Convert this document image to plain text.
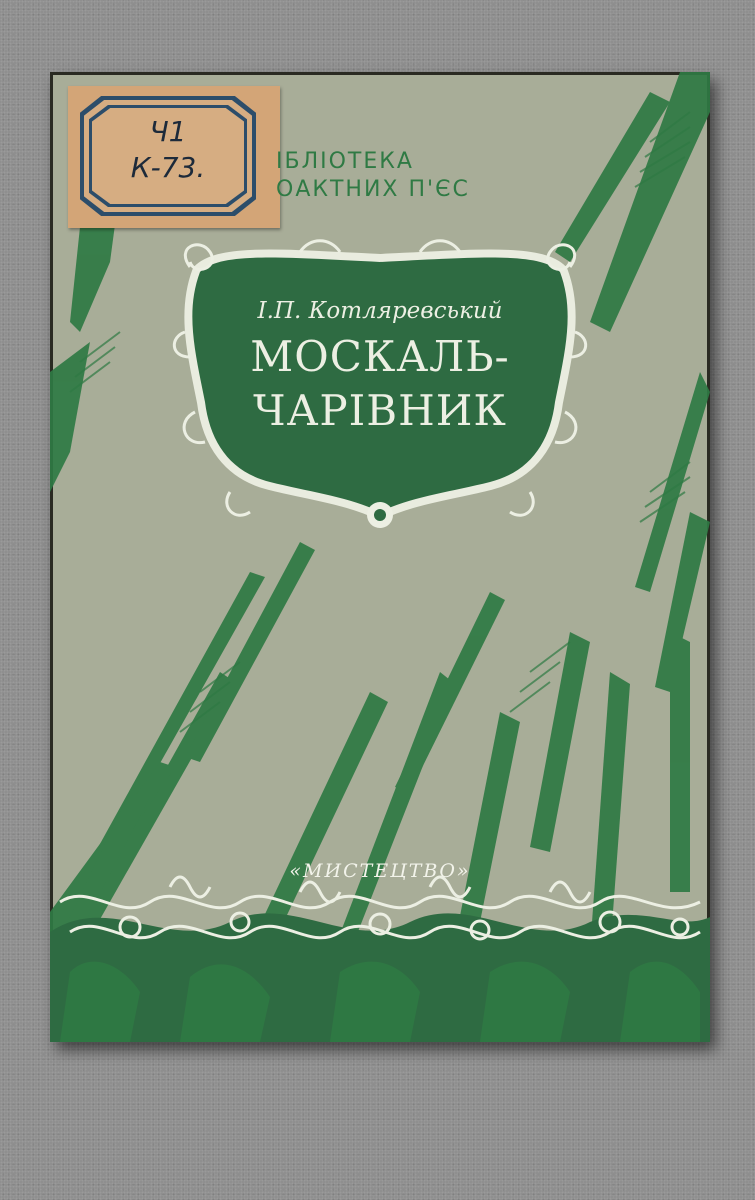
Ч1
К-73.	ІБЛІОТЕКА
ОАКТНИХ П'ЄС
І.П. Котляревський
МОСКАЛЬ-
ЧАРІВНИК
«МИСТЕЦТВО»
